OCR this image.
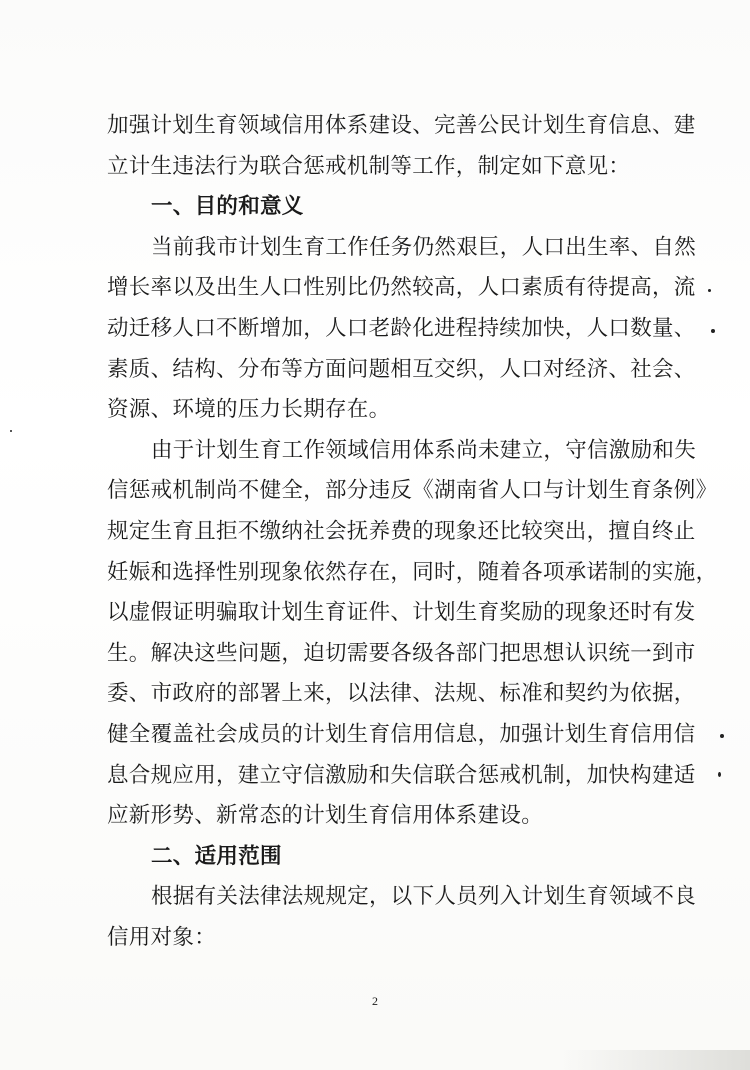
加强计划生育领域信用体系建设、完善公民计划生育信息、建
立计生违法行为联合惩戒机制等工作，制定如下意见：
一、目的和意义
当前我市计划生育工作任务仍然艰巨，人口出生率、自然
增长率以及出生人口性别比仍然较高，人口素质有待提高，流
动迁移人口不断增加，人口老龄化进程持续加快，人口数量、
素质、结构、分布等方面问题相互交织，人口对经济、社会、
资源、环境的压力长期存在。
由于计划生育工作领域信用体系尚未建立，守信激励和失
信惩戒机制尚不健全，部分违反《湖南省人口与计划生育条例》
规定生育且拒不缴纳社会抚养费的现象还比较突出，擅自终止
妊娠和选择性别现象依然存在，同时，随着各项承诺制的实施，
以虚假证明骗取计划生育证件、计划生育奖励的现象还时有发
生。解决这些问题，迫切需要各级各部门把思想认识统一到市
委、市政府的部署上来，以法律、法规、标准和契约为依据，
健全覆盖社会成员的计划生育信用信息，加强计划生育信用信
息合规应用，建立守信激励和失信联合惩戒机制，加快构建适
应新形势、新常态的计划生育信用体系建设。
二、适用范围
根据有关法律法规规定，以下人员列入计划生育领域不良
信用对象：
2
